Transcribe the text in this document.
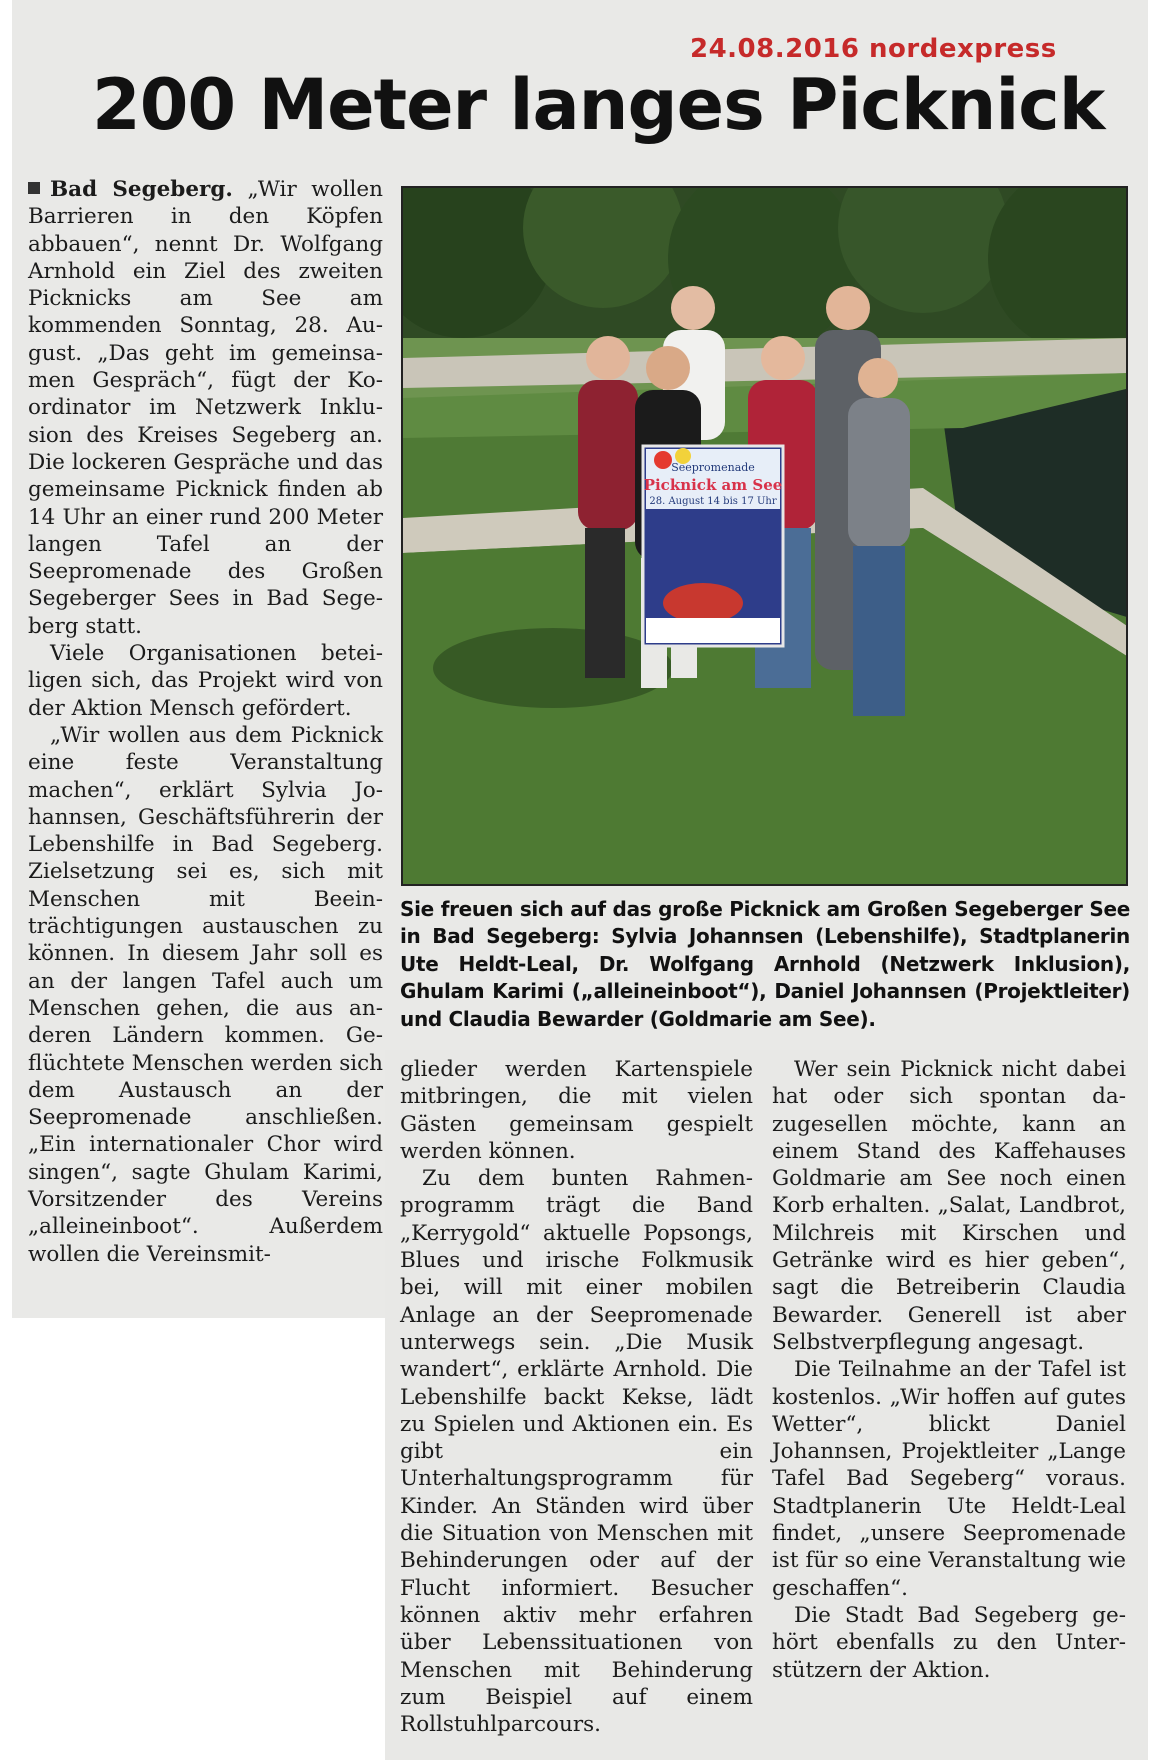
24.08.2016 nordexpress
200 Meter langes Picknick

Bad Segeberg. „Wir wollen Barrieren in den Köpfen abbauen“, nennt Dr. Wolfgang Arnhold ein Ziel des zweiten Picknicks am See am kommenden Sonntag, 28. August. „Das geht im gemeinsamen Gespräch“, fügt der Koordinator im Netzwerk Inklusion des Kreises Segeberg an. Die lockeren Gespräche und das gemeinsame Picknick finden ab 14 Uhr an einer rund 200 Meter langen Tafel an der Seepromenade des Großen Segeberger Sees in Bad Segeberg statt.

Viele Organisationen beteiligen sich, das Projekt wird von der Aktion Mensch gefördert.

„Wir wollen aus dem Picknick eine feste Veranstaltung machen“, erklärt Sylvia Johannsen, Geschäftsführerin der Lebenshilfe in Bad Segeberg. Zielsetzung sei es, sich mit Menschen mit Beeinträchtigungen austauschen zu können. In diesem Jahr soll es an der langen Tafel auch um Menschen gehen, die aus anderen Ländern kommen. Geflüchtete Menschen werden sich dem Austausch an der Seepromenade anschließen. „Ein internationaler Chor wird singen“, sagte Ghulam Karimi, Vorsitzender des Vereins „alleineinboot“. Außerdem wollen die Vereinsmit-

Seepromenade
Picknick am See
28. August 14 bis 17 Uhr
Sie freuen sich auf das große Picknick am Großen Segeberger See in Bad Segeberg: Sylvia Johannsen (Lebenshilfe), Stadtplanerin Ute Heldt-Leal, Dr. Wolfgang Arnhold (Netzwerk Inklusion), Ghulam Karimi („alleineinboot“), Daniel Johannsen (Projektleiter) und Claudia Bewarder (Goldmarie am See).

glieder werden Kartenspiele mitbringen, die mit vielen Gästen gemeinsam gespielt werden können.

Zu dem bunten Rahmenprogramm trägt die Band „Kerrygold“ aktuelle Popsongs, Blues und irische Folkmusik bei, will mit einer mobilen Anlage an der Seepromenade unterwegs sein. „Die Musik wandert“, erklärte Arnhold. Die Lebenshilfe backt Kekse, lädt zu Spielen und Aktionen ein. Es gibt ein Unterhaltungsprogramm für Kinder. An Ständen wird über die Situation von Menschen mit Behinderungen oder auf der Flucht informiert. Besucher können aktiv mehr erfahren über Lebenssituationen von Menschen mit Behinderung zum Beispiel auf einem Rollstuhlparcours.

Wer sein Picknick nicht dabei hat oder sich spontan dazugesellen möchte, kann an einem Stand des Kaffehauses Goldmarie am See noch einen Korb erhalten. „Salat, Landbrot, Milchreis mit Kirschen und Getränke wird es hier geben“, sagt die Betreiberin Claudia Bewarder. Generell ist aber Selbstverpflegung angesagt.

Die Teilnahme an der Tafel ist kostenlos. „Wir hoffen auf gutes Wetter“, blickt Daniel Johannsen, Projektleiter „Lange Tafel Bad Segeberg“ voraus. Stadtplanerin Ute Heldt-Leal findet, „unsere Seepromenade ist für so eine Veranstaltung wie geschaffen“.

Die Stadt Bad Segeberg gehört ebenfalls zu den Unterstützern der Aktion.
